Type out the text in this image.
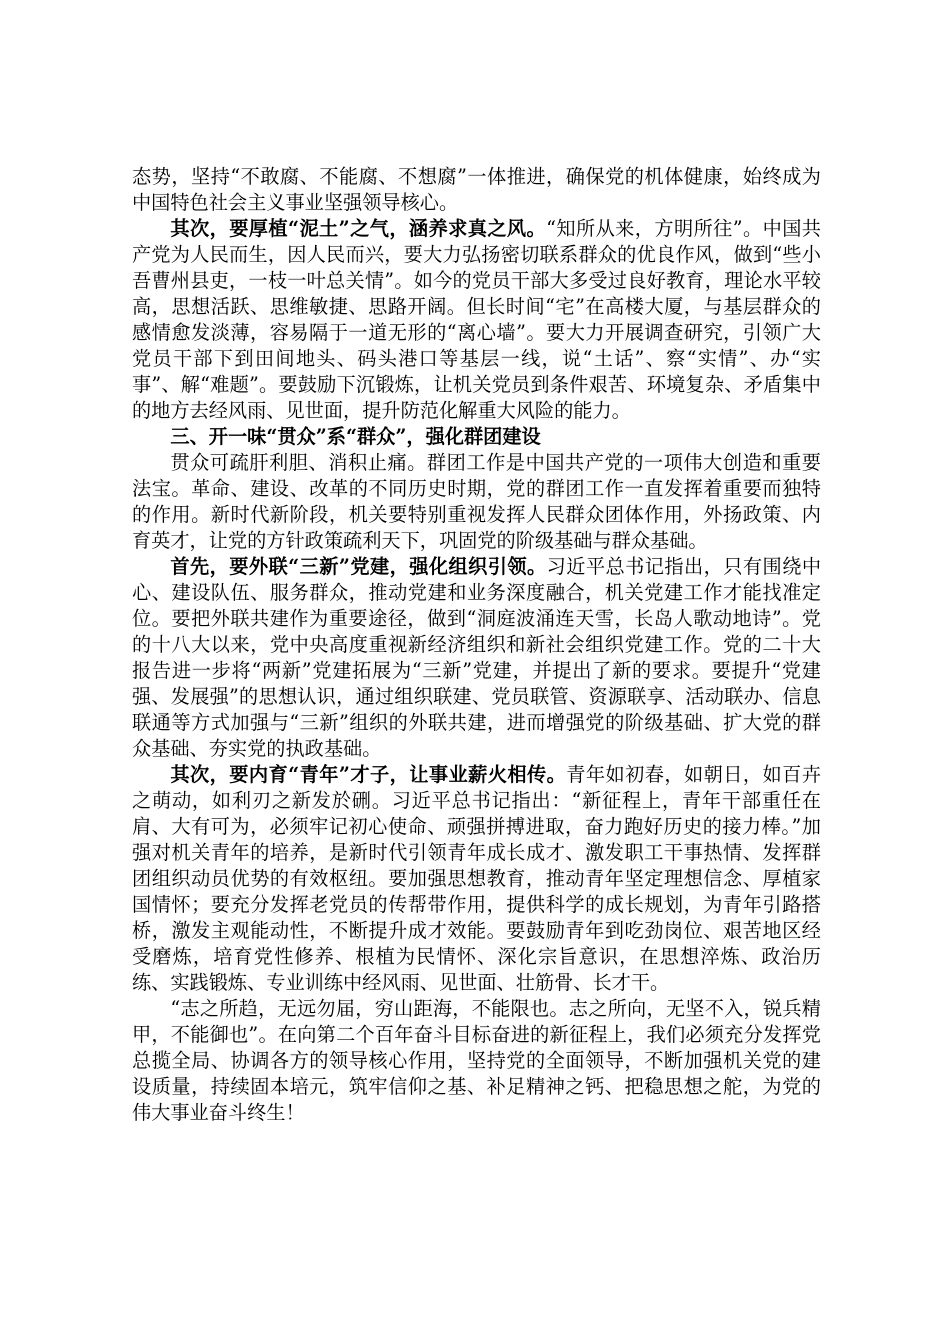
态势，坚持“不敢腐、不能腐、不想腐”一体推进，确保党的机体健康，始终成为中国特色社会主义事业坚强领导核心。

其次，要厚植“泥土”之气，涵养求真之风。“知所从来，方明所往”。中国共产党为人民而生，因人民而兴，要大力弘扬密切联系群众的优良作风，做到“些小吾曹州县吏，一枝一叶总关情”。如今的党员干部大多受过良好教育，理论水平较高，思想活跃、思维敏捷、思路开阔。但长时间“宅”在高楼大厦，与基层群众的感情愈发淡薄，容易隔于一道无形的“离心墙”。要大力开展调查研究，引领广大党员干部下到田间地头、码头港口等基层一线，说“土话”、察“实情”、办“实事”、解“难题”。要鼓励下沉锻炼，让机关党员到条件艰苦、环境复杂、矛盾集中的地方去经风雨、见世面，提升防范化解重大风险的能力。

三、开一味“贯众”系“群众”，强化群团建设

贯众可疏肝利胆、消积止痛。群团工作是中国共产党的一项伟大创造和重要法宝。革命、建设、改革的不同历史时期，党的群团工作一直发挥着重要而独特的作用。新时代新阶段，机关要特别重视发挥人民群众团体作用，外扬政策、内育英才，让党的方针政策疏利天下，巩固党的阶级基础与群众基础。

首先，要外联“三新”党建，强化组织引领。习近平总书记指出，只有围绕中心、建设队伍、服务群众，推动党建和业务深度融合，机关党建工作才能找准定位。要把外联共建作为重要途径，做到“洞庭波涌连天雪，长岛人歌动地诗”。党的十八大以来，党中央高度重视新经济组织和新社会组织党建工作。党的二十大报告进一步将“两新”党建拓展为“三新”党建，并提出了新的要求。要提升“党建强、发展强”的思想认识，通过组织联建、党员联管、资源联享、活动联办、信息联通等方式加强与“三新”组织的外联共建，进而增强党的阶级基础、扩大党的群众基础、夯实党的执政基础。

其次，要内育“青年”才子，让事业薪火相传。青年如初春，如朝日，如百卉之萌动，如利刃之新发於硎。习近平总书记指出：“新征程上，青年干部重任在肩、大有可为，必须牢记初心使命、顽强拼搏进取，奋力跑好历史的接力棒。”加强对机关青年的培养，是新时代引领青年成长成才、激发职工干事热情、发挥群团组织动员优势的有效枢纽。要加强思想教育，推动青年坚定理想信念、厚植家国情怀；要充分发挥老党员的传帮带作用，提供科学的成长规划，为青年引路搭桥，激发主观能动性，不断提升成才效能。要鼓励青年到吃劲岗位、艰苦地区经受磨炼，培育党性修养、根植为民情怀、深化宗旨意识，在思想淬炼、政治历练、实践锻炼、专业训练中经风雨、见世面、壮筋骨、长才干。

“志之所趋，无远勿届，穷山距海，不能限也。志之所向，无坚不入，锐兵精甲，不能御也”。在向第二个百年奋斗目标奋进的新征程上，我们必须充分发挥党总揽全局、协调各方的领导核心作用，坚持党的全面领导，不断加强机关党的建设质量，持续固本培元，筑牢信仰之基、补足精神之钙、把稳思想之舵，为党的伟大事业奋斗终生！
